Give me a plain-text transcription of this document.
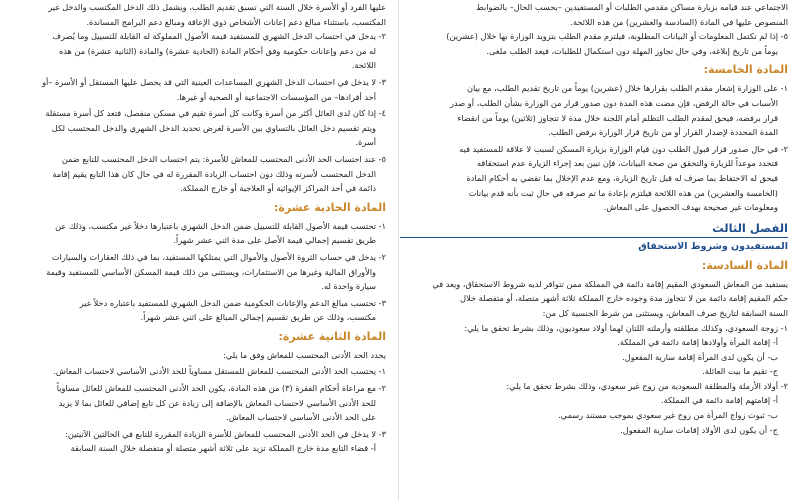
الاجتماعي عند قيامه بزيارة مساكن مقدمي الطلبات أو المستفيدين –بحسب الحال– بالضوابط

المنصوص عليها في المادة (السادسة والعشرين) من هذه اللائحة.

٥- إذا لم تكتمل المعلومات أو البيانات المطلوبة، فيلتزم مقدم الطلب بتزويد الوزارة بها خلال (عشرين)

يوماً من تاريخ إبلاغه، وفي حال تجاوز المهلة دون استكمال للطلبات، فيعد الطلب ملغى.

المادة الخامسة:

١- على الوزارة إشعار مقدم الطلب بقرارها خلال (عشرين) يوماً من تاريخ تقديم الطلب، مع بيان

الأسباب في حالة الرفض، فإن مضت هذه المدة دون صدور قرار من الوزارة بشأن الطلب، أو صدر

قرار برفضه، فيحق لمقدم الطلب التظلم أمام اللجنة خلال مدة لا تتجاوز (ثلاثين) يوماً من انقضاء

المدة المحددة لإصدار القرار أو من تاريخ قرار الوزارة برفض الطلب.

٢- في حال صدور قرار قبول الطلب دون قيام الوزارة بزيارة المسكن لسبب لا علاقة للمستفيد فيه

فتحدد موعداً للزيارة والتحقق من صحة البيانات، فإن تبين بعد إجراء الزيارة عدم استحقاقه

فيحق له الاحتفاظ بما صرف له قبل تاريخ الزيارة، ومع عدم الإخلال بما تقضي به أحكام المادة

(الخامسة والعشرين) من هذه اللائحة فيلتزم بإعادة ما تم صرفه في حال ثبت بأنه قدم بيانات

ومعلومات غير صحيحة بهدف الحصول على المعاش.

الفصل الثالث
المستفيدون وشروط الاستحقاق
المادة السادسة:

يستفيد من المعاش السعودي المقيم إقامة دائمة في المملكة ممن تتوافر لديه شروط الاستحقاق، ويعد في

حكم المقيم إقامة دائمة من لا تتجاوز مدة وجوده خارج المملكة ثلاثة أشهر متصلة، أو متفصلة خلال

السنة السابقة لتاريخ صرف المعاش، ويستثنى من شرط الجنسية كل من:

١- زوجة السعودي، وكذلك مطلقته وأرملته اللتان لهما أولاد سعوديون، وذلك بشرط تحقق ما يلي:

أ- إقامة المرأة وأولادها إقامة دائمة في المملكة.

ب- أن يكون لدى المرأة إقامة سارية المفعول.

ج- تقيم ما بيت العائلة.

٢- أولاد الأرملة والمطلقة السعودية من زوج غير سعودي، وذلك بشرط تحقق ما يلي:

أ- إقامتهم إقامة دائمة في المملكة.

ب- ثبوت زواج المرأة من زوج غير سعودي بموجب مستند رسمي.

ج- أن يكون لدى الأولاد إقامات سارية المفعول.

عليها الفرد أو الأسرة خلال السنة التي تسبق تقديم الطلب، ويشمل ذلك الدخل المكتسب والدخل غير

المكتسب، باستثناء مبالغ دعم إعانات الأشخاص ذوي الإعاقة ومبالغ دعم البرامج المساندة.

٢- يدخل في احتساب الدخل الشهري للمستفيد قيمة الأصول المملوكة له القابلة للتسييل وما يُصرف

له من دعم وإعانات حكومية وفق أحكام المادة (الحادية عشرة) والمادة (الثانية عشرة) من هذه

اللائحة.

٣- لا يدخل في احتساب الدخل الشهري المساعدات العينية التي قد يحصل عليها المستقل أو الأسرة –أو

أحد أفرادها– من المؤسسات الاجتماعية أو الصحية أو غيرها.

٤- إذا كان لدى العائل أكثر من أسرة وكانت كل أسرة تقيم في مسكن منفصل، فتعد كل أسرة مستقلة

ويتم تقسيم دخل العائل بالتساوي بين الأسرة لغرض تحديد الدخل الشهري والدخل المحتسب لكل

أسرة.

٥- عند احتساب الحد الأدنى المحتسب للمعاش للأسرة: يتم احتساب الدخل المحتسب للتابع ضمن

الدخل المحتسب لأسرته وذلك دون احتساب الزيادة المقررة له في حال كان هذا التابع يقيم إقامة

دائمة في أحد المراكز الإيوائية أو العلاجية أو خارج المملكة.

المادة الحادية عشرة:

١- تحتسب قيمة الأصول القابلة للتسييل ضمن الدخل الشهري باعتبارها دخلاً غير مكتسب، وذلك عن

طريق تقسيم إجمالي قيمة الأصل على مدة اثني عشر شهراً.

٢- يدخل في حساب الثروة الأصول والأموال التي يمتلكها المستفيد، بما في ذلك العقارات والسيارات

والأوراق المالية وغيرها من الاستثمارات، ويستثنى من ذلك قيمة المسكن الأساسي للمستفيد وقيمة

سيارة واحدة له.

٣- تحتسب مبالغ الدعم والإعانات الحكومية ضمن الدخل الشهري للمستفيد باعتباره دخلاً غير

مكتسب، وذلك عن طريق تقسيم إجمالي المبالغ على اثني عشر شهراً.

المادة الثانية عشرة:

يحدد الحد الأدنى المحتسب للمعاش وفق ما يلي:

١- يحتسب الحد الأدنى المحتسب للمعاش للمستقل مساوياً للحد الأدنى الأساسي لاحتساب المعاش.

٢- مع مراعاة أحكام الفقرة (٣) من هذه المادة، يكون الحد الأدنى المحتسب للمعاش للعائل مساوياً

للحد الأدنى الأساسي لاحتساب المعاش بالإضافة إلى زيادة عن كل تابع إضافي للعائل بما لا يزيد

على الحد الأدنى الأساسي لاحتساب المعاش.

٣- لا يدخل في الحد الأدنى المحتسب للمعاش للأسرة الزيادة المقررة للتابع في الحالتين الآتيتين:

أ- قضاء التابع مدة خارج المملكة تزيد على ثلاثة أشهر متصلة أو متفصلة خلال السنة السابقة
